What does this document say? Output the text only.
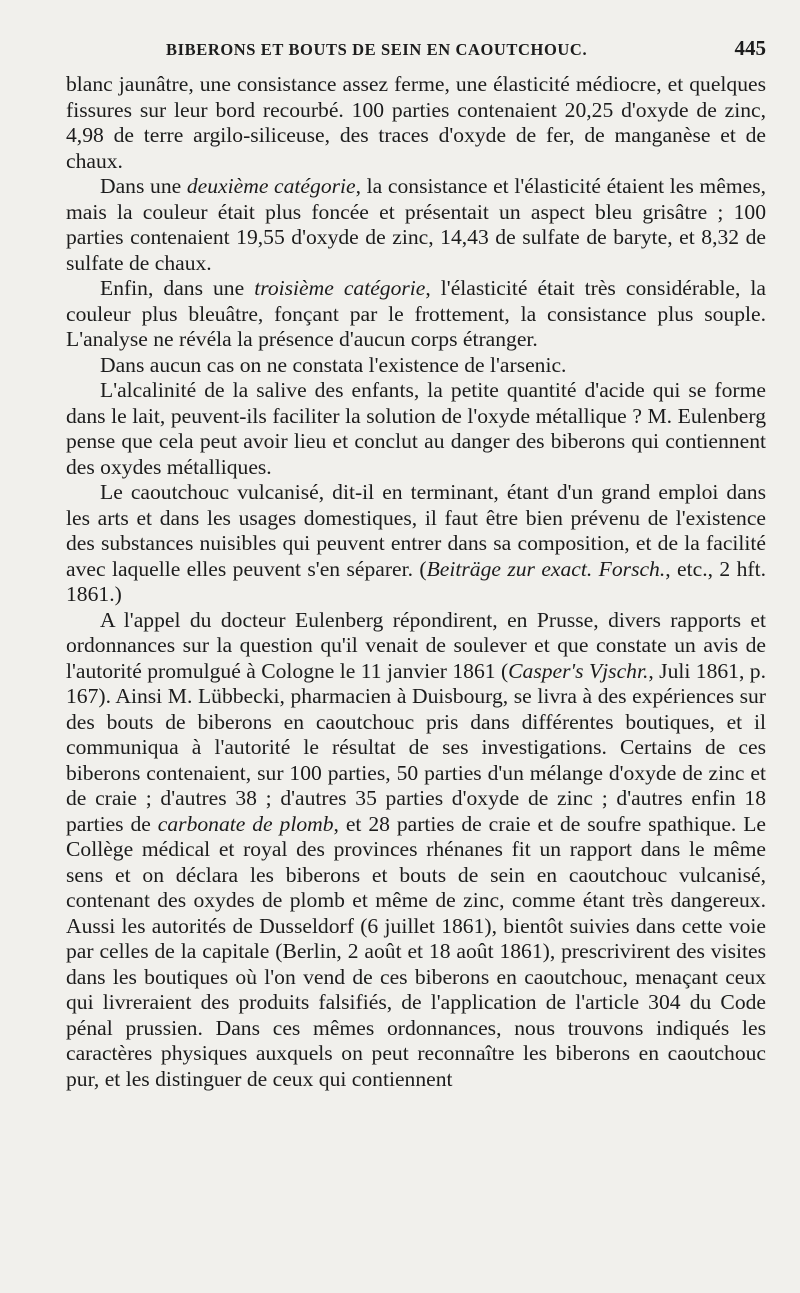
BIBERONS ET BOUTS DE SEIN EN CAOUTCHOUC.	445

blanc jaunâtre, une consistance assez ferme, une élasticité médiocre, et quelques fissures sur leur bord recourbé. 100 parties contenaient 20,25 d'oxyde de zinc, 4,98 de terre argilo-siliceuse, des traces d'oxyde de fer, de manganèse et de chaux.

Dans une deuxième catégorie, la consistance et l'élasticité étaient les mêmes, mais la couleur était plus foncée et présentait un aspect bleu grisâtre ; 100 parties contenaient 19,55 d'oxyde de zinc, 14,43 de sulfate de baryte, et 8,32 de sulfate de chaux.

Enfin, dans une troisième catégorie, l'élasticité était très considérable, la couleur plus bleuâtre, fonçant par le frottement, la consistance plus souple. L'analyse ne révéla la présence d'aucun corps étranger.

Dans aucun cas on ne constata l'existence de l'arsenic.

L'alcalinité de la salive des enfants, la petite quantité d'acide qui se forme dans le lait, peuvent-ils faciliter la solution de l'oxyde métallique ? M. Eulenberg pense que cela peut avoir lieu et conclut au danger des biberons qui contiennent des oxydes métalliques.

Le caoutchouc vulcanisé, dit-il en terminant, étant d'un grand emploi dans les arts et dans les usages domestiques, il faut être bien prévenu de l'existence des substances nuisibles qui peuvent entrer dans sa composition, et de la facilité avec laquelle elles peuvent s'en séparer. (Beiträge zur exact. Forsch., etc., 2 hft. 1861.)

A l'appel du docteur Eulenberg répondirent, en Prusse, divers rapports et ordonnances sur la question qu'il venait de soulever et que constate un avis de l'autorité promulgué à Cologne le 11 janvier 1861 (Casper's Vjschr., Juli 1861, p. 167). Ainsi M. Lübbecki, pharmacien à Duisbourg, se livra à des expériences sur des bouts de biberons en caoutchouc pris dans différentes boutiques, et il communiqua à l'autorité le résultat de ses investigations. Certains de ces biberons contenaient, sur 100 parties, 50 parties d'un mélange d'oxyde de zinc et de craie ; d'autres 38 ; d'autres 35 parties d'oxyde de zinc ; d'autres enfin 18 parties de carbonate de plomb, et 28 parties de craie et de soufre spathique. Le Collège médical et royal des provinces rhénanes fit un rapport dans le même sens et on déclara les biberons et bouts de sein en caoutchouc vulcanisé, contenant des oxydes de plomb et même de zinc, comme étant très dangereux. Aussi les autorités de Dusseldorf (6 juillet 1861), bientôt suivies dans cette voie par celles de la capitale (Berlin, 2 août et 18 août 1861), prescrivirent des visites dans les boutiques où l'on vend de ces biberons en caoutchouc, menaçant ceux qui livreraient des produits falsifiés, de l'application de l'article 304 du Code pénal prussien. Dans ces mêmes ordonnances, nous trouvons indiqués les caractères physiques auxquels on peut reconnaître les biberons en caoutchouc pur, et les distinguer de ceux qui contiennent
